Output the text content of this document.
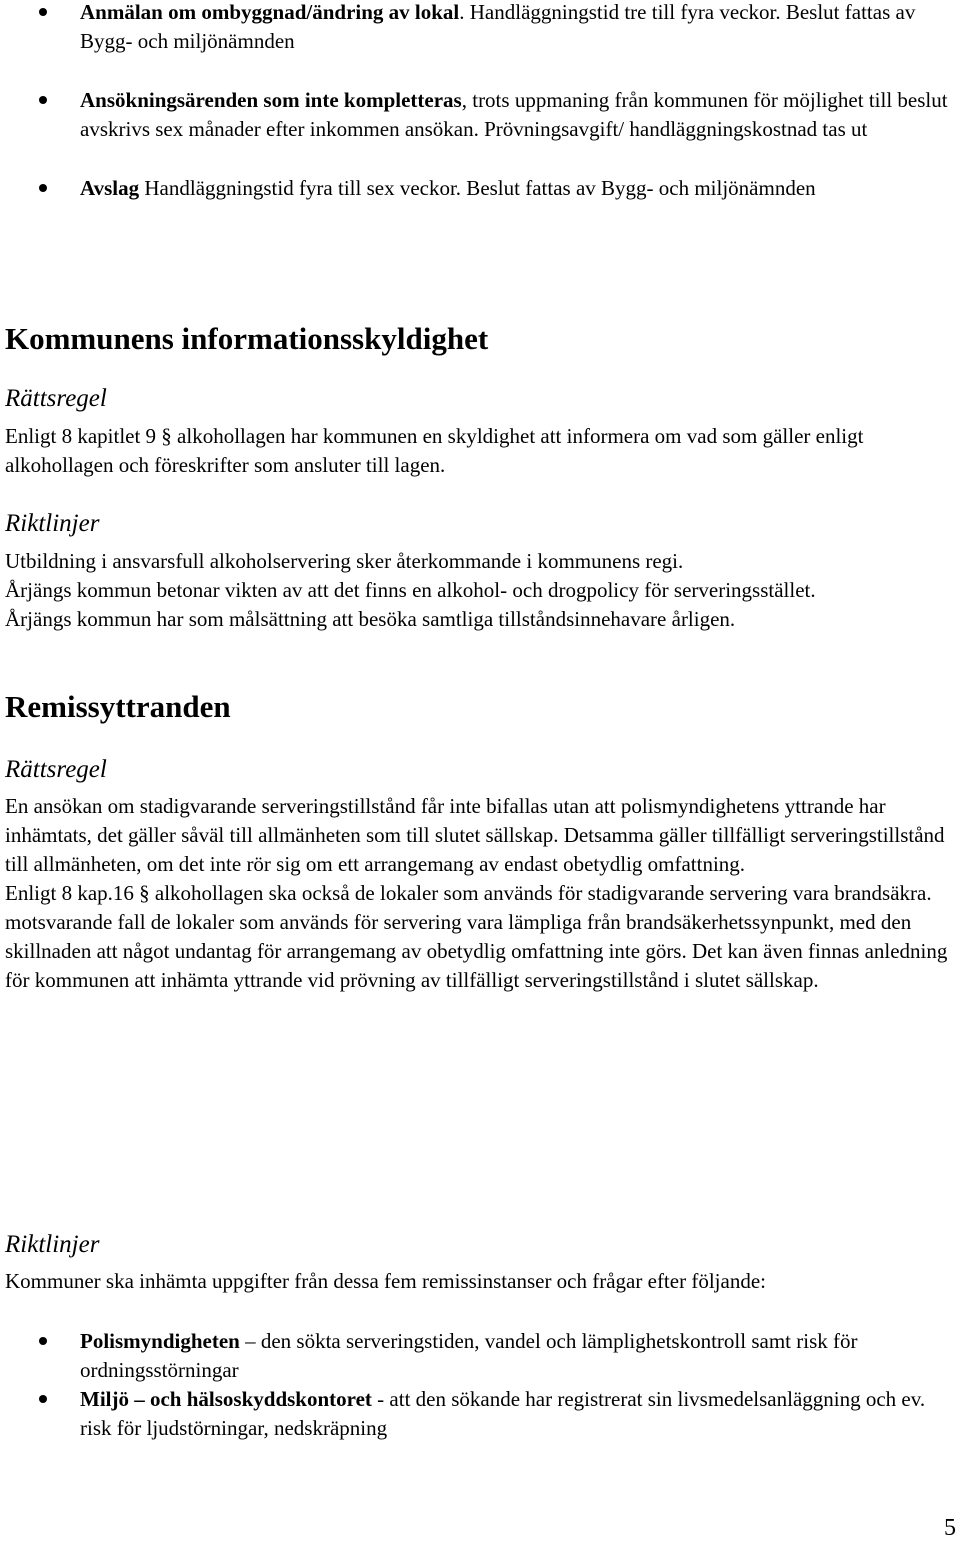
Anmälan om ombyggnad/ändring av lokal. Handläggningstid tre till fyra veckor. Beslut fattas av Bygg- och miljönämnden
Ansökningsärenden som inte kompletteras, trots uppmaning från kommunen för möjlighet till beslut avskrivs sex månader efter inkommen ansökan. Prövningsavgift/ handläggningskostnad tas ut
Avslag Handläggningstid fyra till sex veckor. Beslut fattas av Bygg- och miljönämnden
Kommunens informationsskyldighet
Rättsregel

Enligt 8 kapitlet 9 § alkohollagen har kommunen en skyldighet att informera om vad som gäller enligt alkohollagen och föreskrifter som ansluter till lagen.

Riktlinjer

Utbildning i ansvarsfull alkoholservering sker återkommande i kommunens regi.

Årjängs kommun betonar vikten av att det finns en alkohol- och drogpolicy för serveringsstället.

Årjängs kommun har som målsättning att besöka samtliga tillståndsinnehavare årligen.

Remissyttranden
Rättsregel

En ansökan om stadigvarande serveringstillstånd får inte bifallas utan att polismyndighetens yttrande har inhämtats, det gäller såväl till allmänheten som till slutet sällskap. Detsamma gäller tillfälligt serveringstillstånd till allmänheten, om det inte rör sig om ett arrangemang av endast obetydlig omfattning.

Enligt 8 kap.16 § alkohollagen ska också de lokaler som används för stadigvarande servering vara brandsäkra. motsvarande fall de lokaler som används för servering vara lämpliga från brandsäkerhetssynpunkt, med den skillnaden att något undantag för arrangemang av obetydlig omfattning inte görs. Det kan även finnas anledning för kommunen att inhämta yttrande vid prövning av tillfälligt serveringstillstånd i slutet sällskap.

Riktlinjer

Kommuner ska inhämta uppgifter från dessa fem remissinstanser och frågar efter följande:

Polismyndigheten – den sökta serveringstiden, vandel och lämplighetskontroll samt risk för ordningsstörningar
Miljö – och hälsoskyddskontoret - att den sökande har registrerat sin livsmedelsanläggning och ev. risk för ljudstörningar, nedskräpning
5
